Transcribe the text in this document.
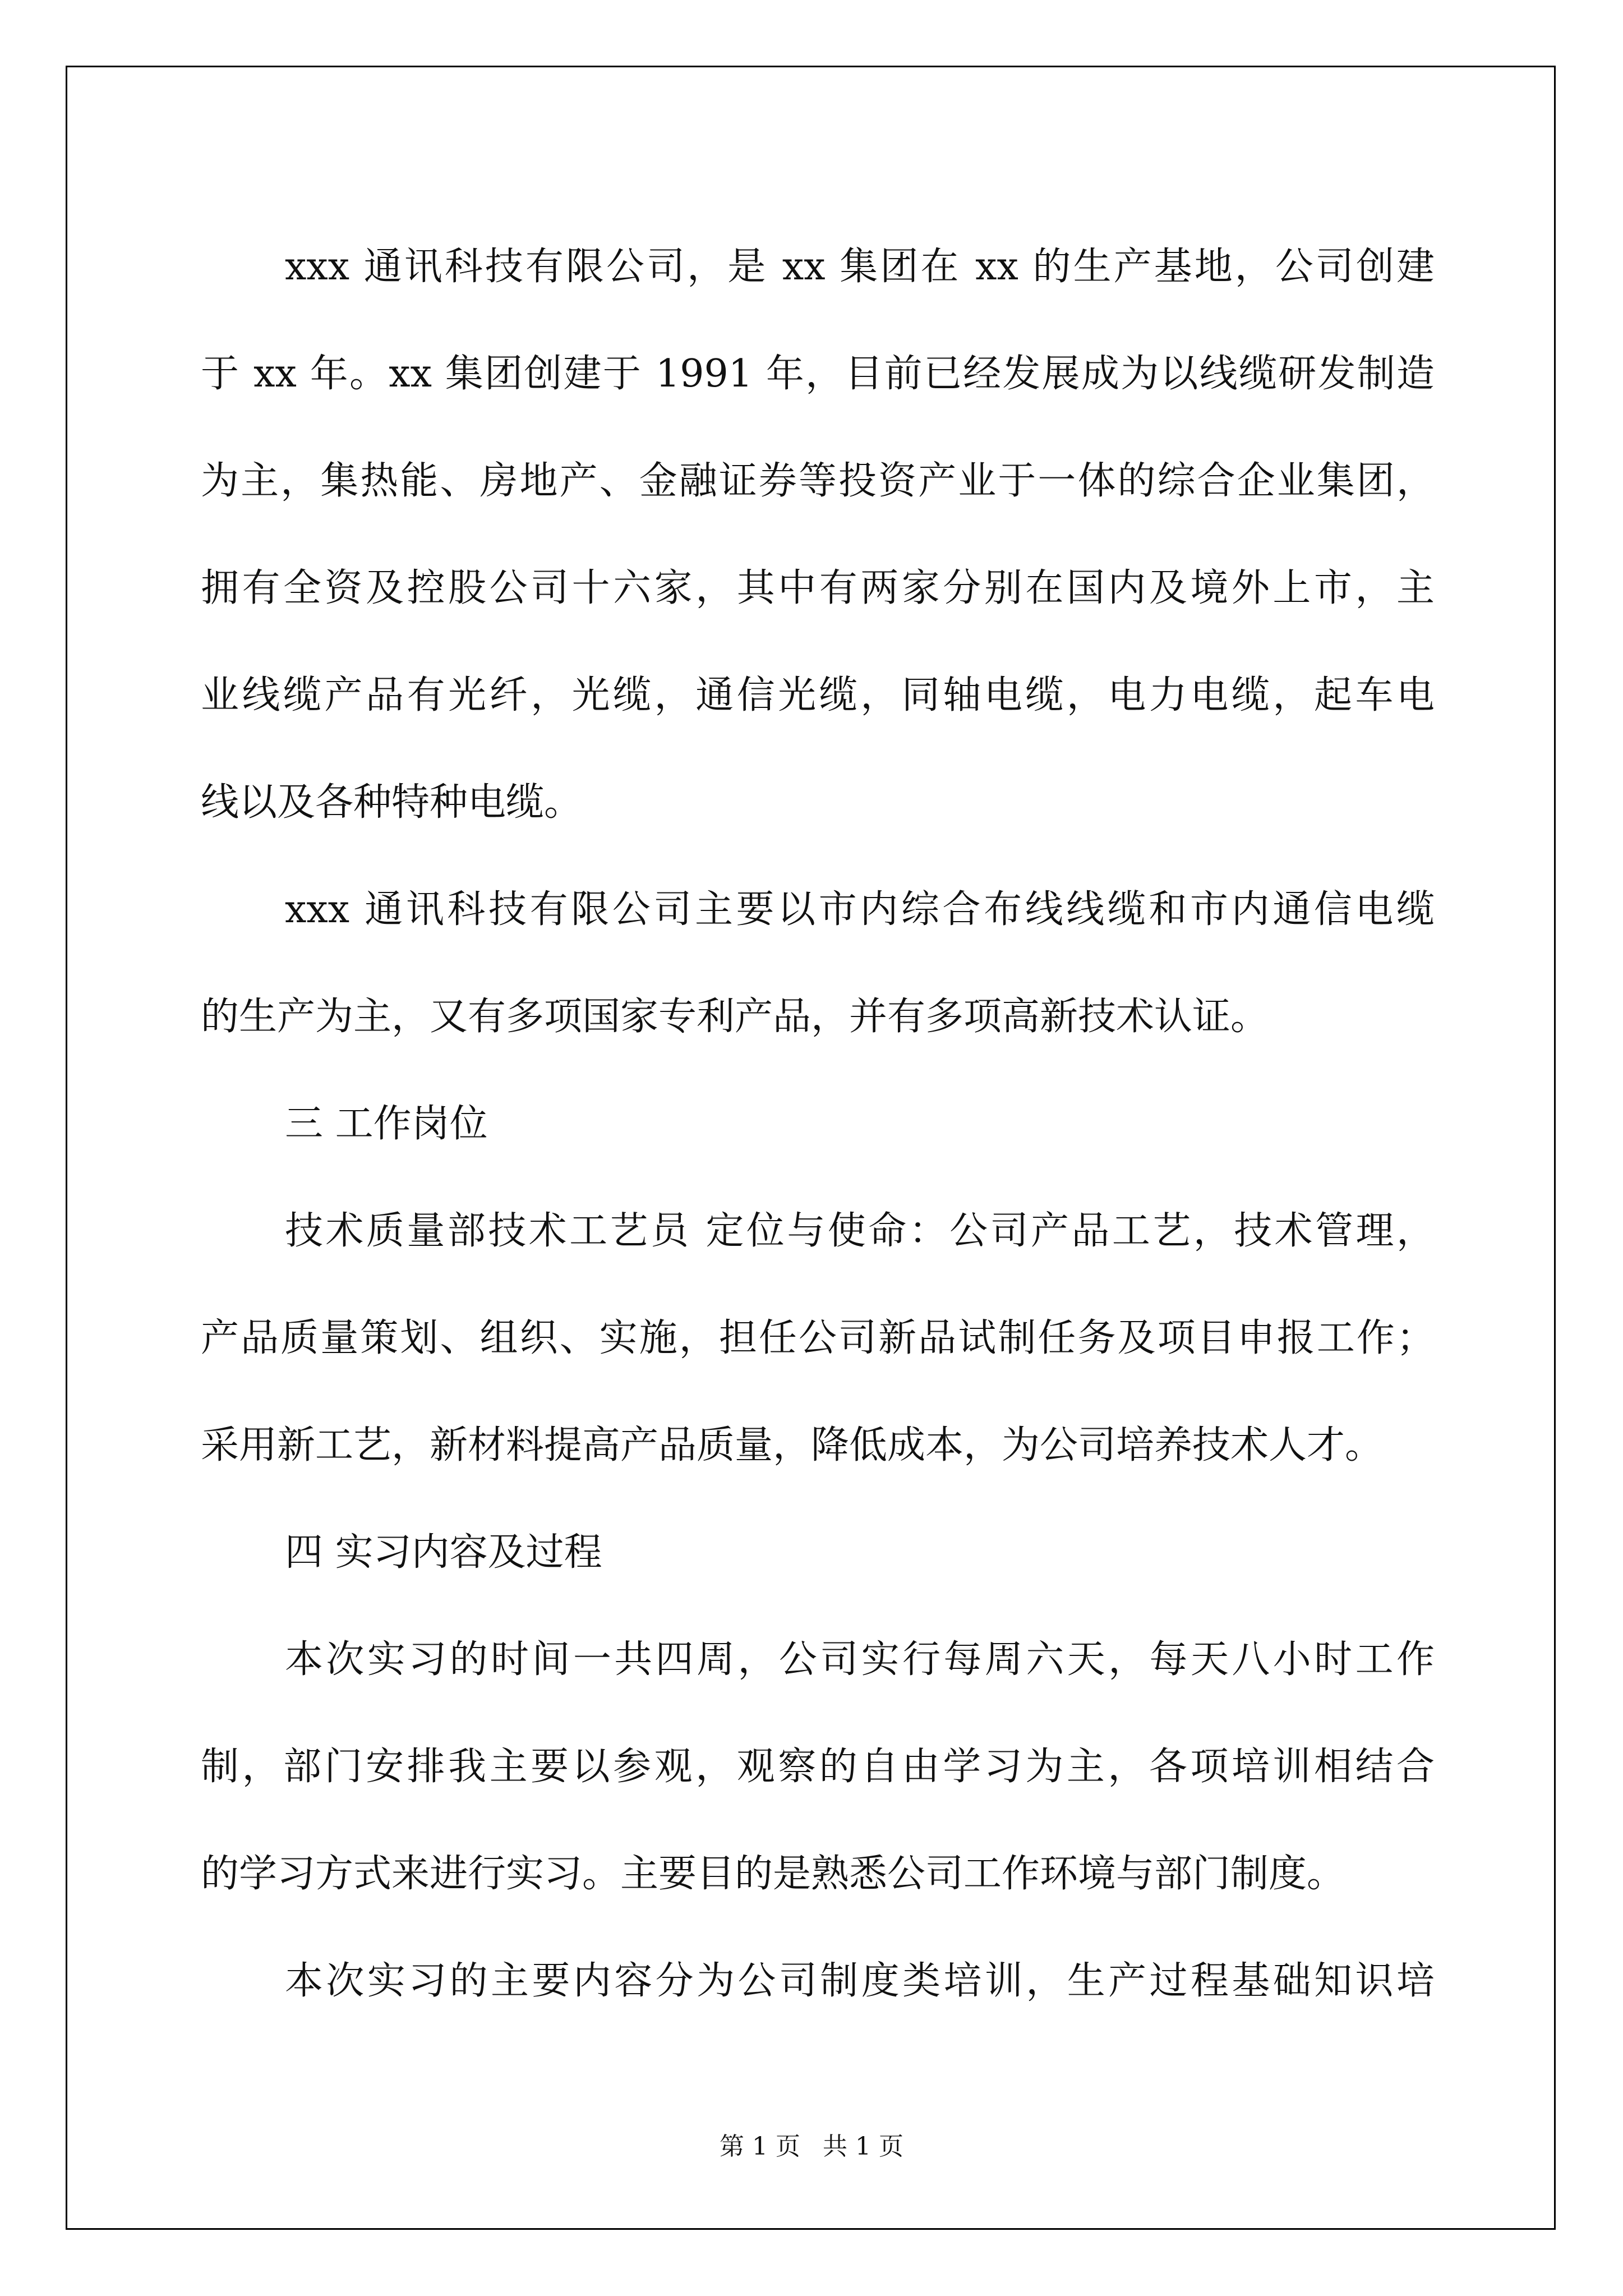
xxx 通讯科技有限公司，是 xx 集团在 xx 的生产基地，公司创建
于 xx 年。xx 集团创建于 1991 年，目前已经发展成为以线缆研发制造
为主，集热能、房地产、金融证券等投资产业于一体的综合企业集团，
拥有全资及控股公司十六家，其中有两家分别在国内及境外上市，主
业线缆产品有光纤，光缆，通信光缆，同轴电缆，电力电缆，起车电
线以及各种特种电缆。
xxx 通讯科技有限公司主要以市内综合布线线缆和市内通信电缆
的生产为主，又有多项国家专利产品，并有多项高新技术认证。
三 工作岗位
技术质量部技术工艺员 定位与使命：公司产品工艺，技术管理，
产品质量策划、组织、实施，担任公司新品试制任务及项目申报工作；
采用新工艺，新材料提高产品质量，降低成本，为公司培养技术人才。
四 实习内容及过程
本次实习的时间一共四周，公司实行每周六天，每天八小时工作
制，部门安排我主要以参观，观察的自由学习为主，各项培训相结合
的学习方式来进行实习。主要目的是熟悉公司工作环境与部门制度。
本次实习的主要内容分为公司制度类培训，生产过程基础知识培
第 1 页 共 1 页
